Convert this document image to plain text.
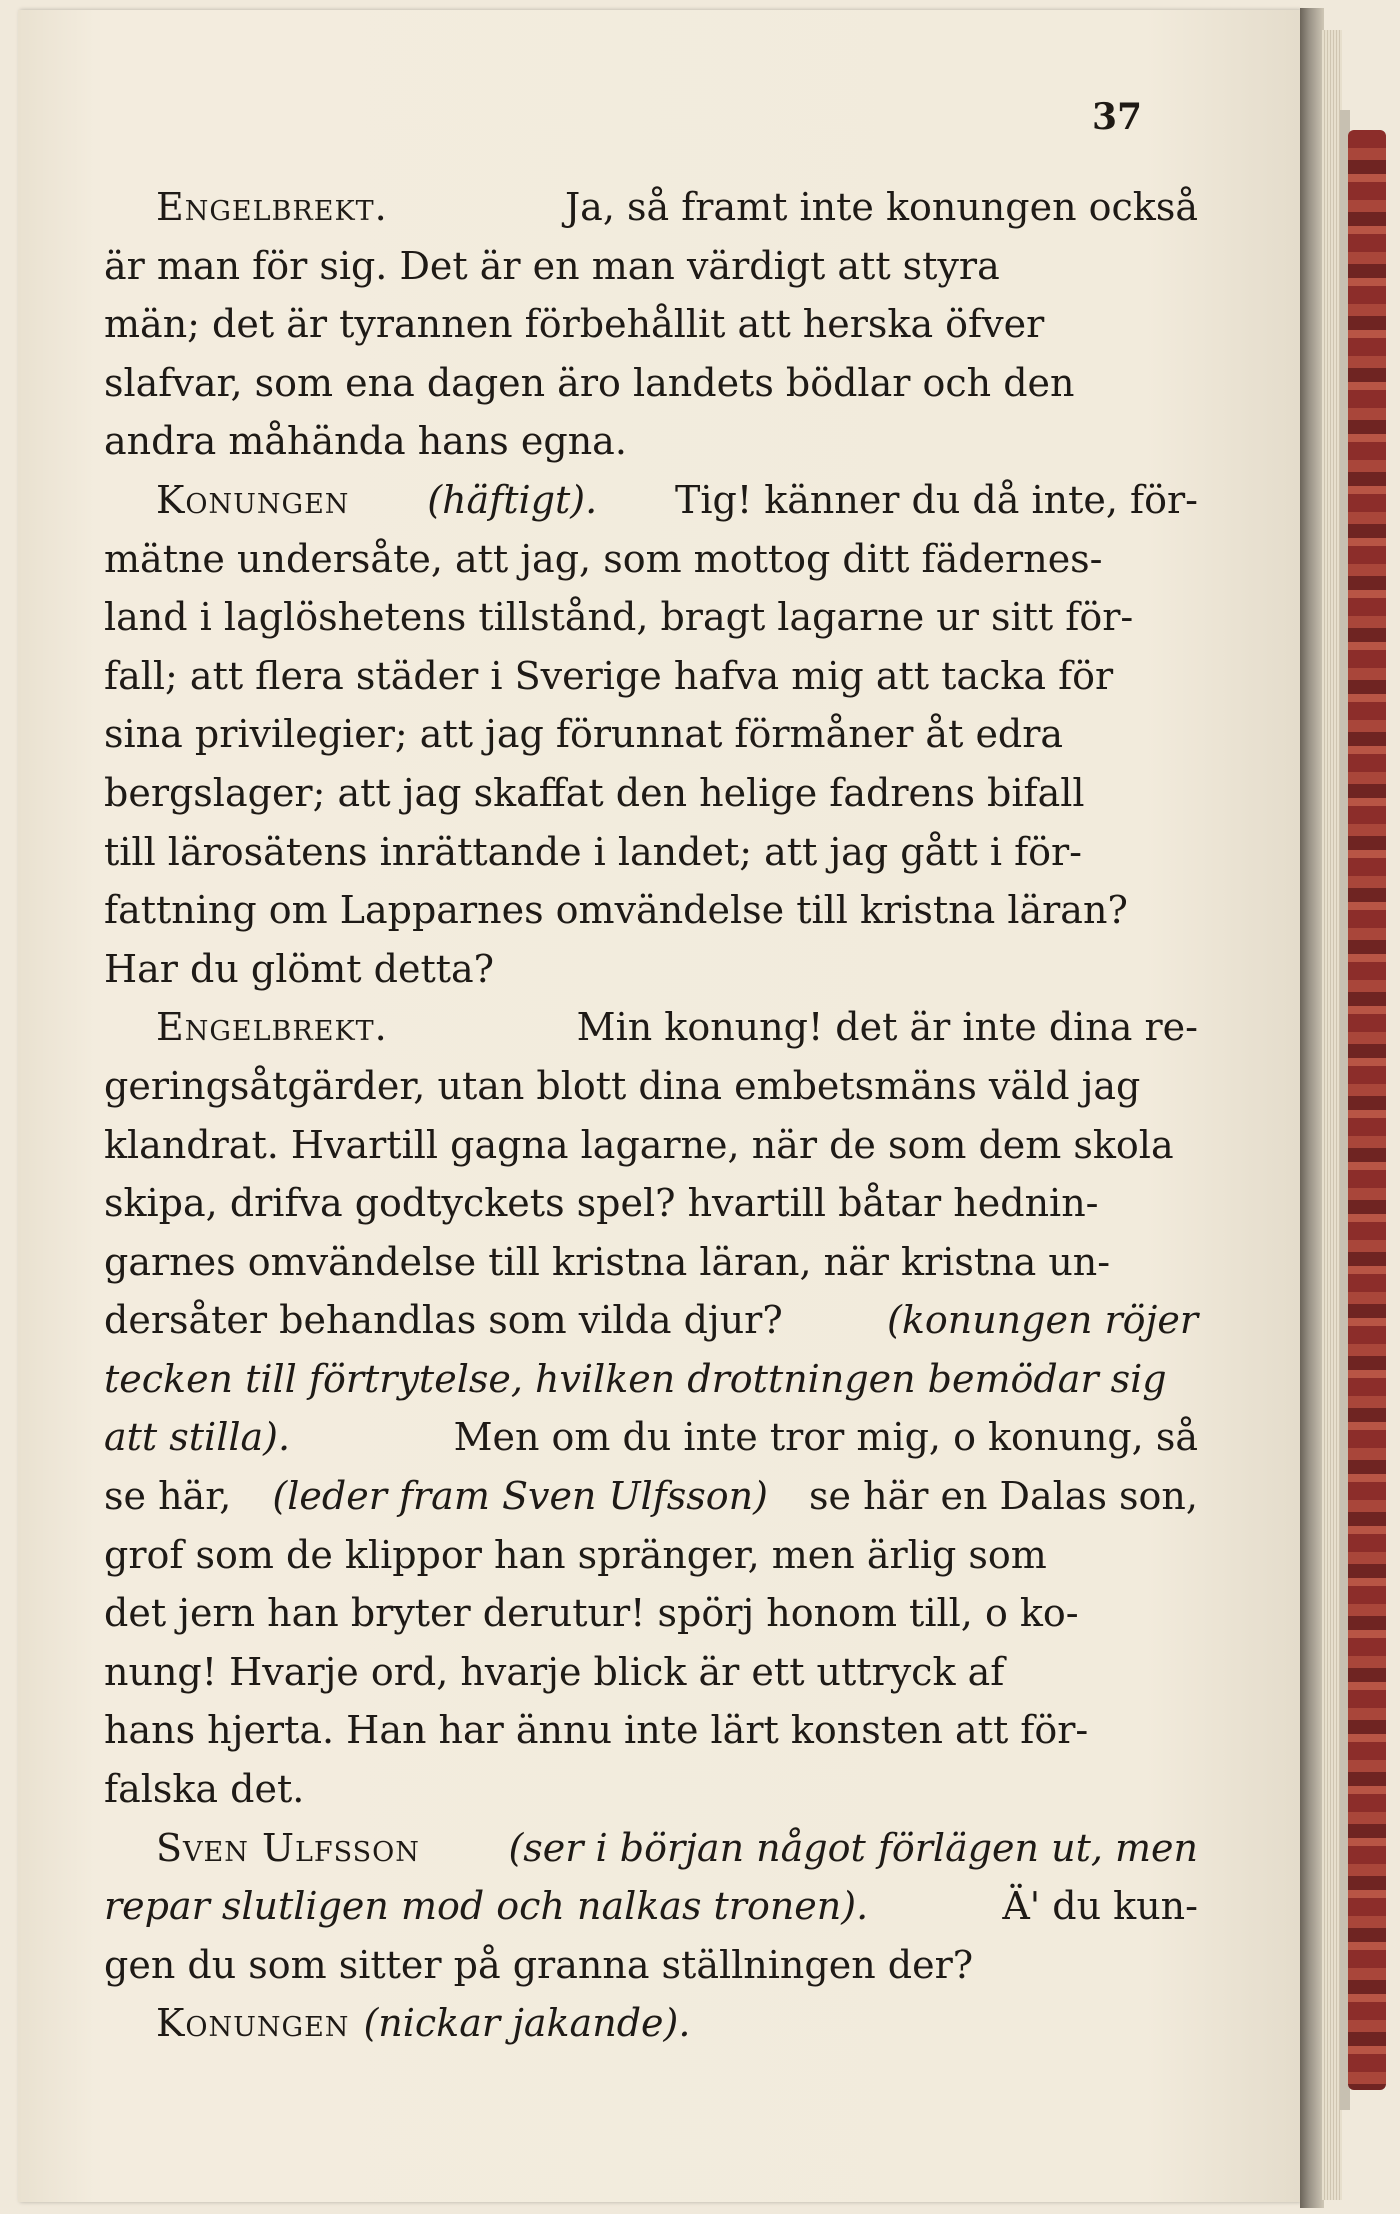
37
Engelbrekt.	Ja, så framt inte konungen också
är man för sig. Det är en man värdigt att styra
män; det är tyrannen förbehållit att herska öfver
slafvar, som ena dagen äro landets bödlar och den
andra måhända hans egna.
Konungen (häftigt). Tig! känner du då inte, för-
mätne undersåte, att jag, som mottog ditt fädernes-
land i laglöshetens tillstånd, bragt lagarne ur sitt för-
fall; att flera städer i Sverige hafva mig att tacka för
sina privilegier; att jag förunnat förmåner åt edra
bergslager; att jag skaffat den helige fadrens bifall
till lärosätens inrättande i landet; att jag gått i för-
fattning om Lapparnes omvändelse till kristna läran?
Har du glömt detta?
Engelbrekt.	Min konung! det är inte dina re-
geringsåtgärder, utan blott dina embetsmäns väld jag
klandrat. Hvartill gagna lagarne, när de som dem skola
skipa, drifva godtyckets spel? hvartill båtar hednin-
garnes omvändelse till kristna läran, när kristna un-
dersåter behandlas som vilda djur?	(konungen röjer
tecken till förtrytelse, hvilken drottningen bemödar sig
att stilla).	Men om du inte tror mig, o konung, så
se här, (leder fram Sven Ulfsson) se här en Dalas son,
grof som de klippor han spränger, men ärlig som
det jern han bryter derutur! spörj honom till, o ko-
nung! Hvarje ord, hvarje blick är ett uttryck af
hans hjerta. Han har ännu inte lärt konsten att för-
falska det.
Sven Ulfsson (ser i början något förlägen ut, men
repar slutligen mod och nalkas tronen).	Ä' du kun-
gen du som sitter på granna ställningen der?
Konungen (nickar jakande).
